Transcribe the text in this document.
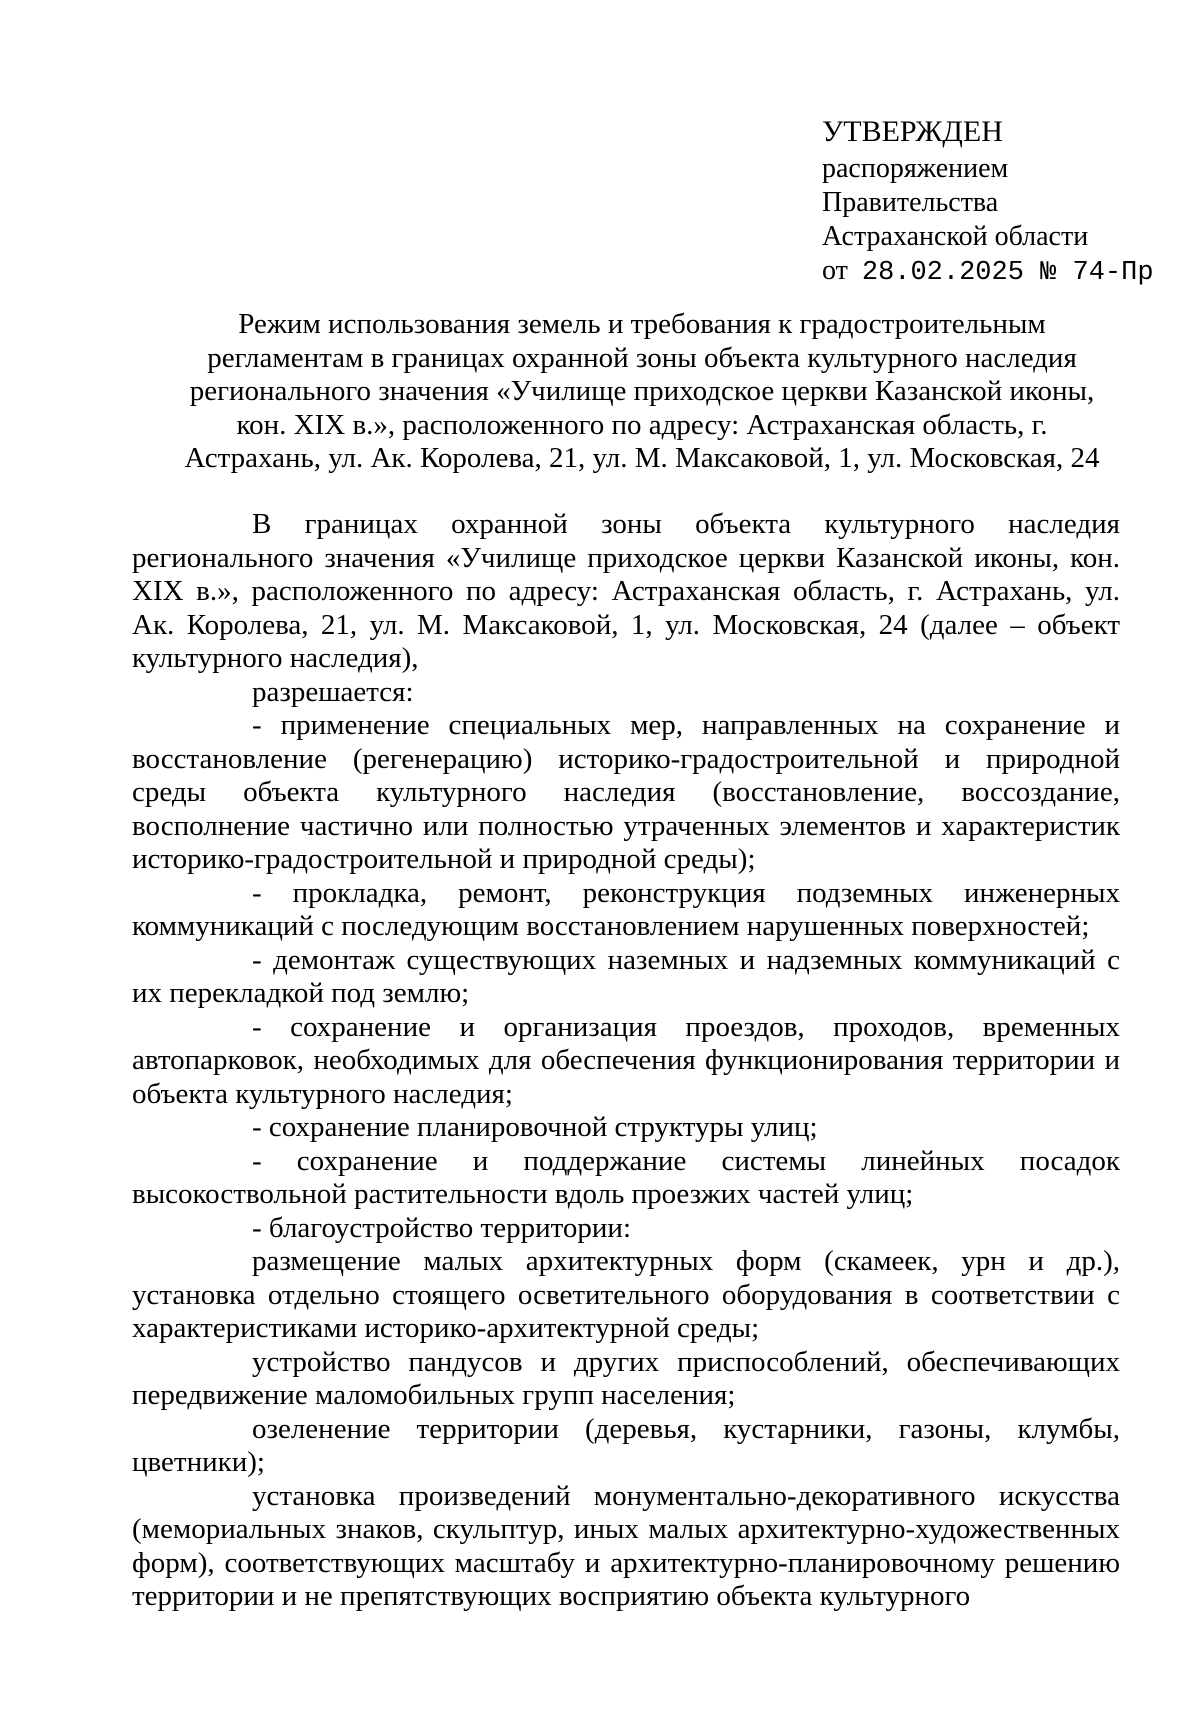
УТВЕРЖДЕН
распоряжением
Правительства
Астраханской области
от 28.02.2025 № 74-Пр
Режим использования земель и требования к градостроительным регламентам в границах охранной зоны объекта культурного наследия регионального значения «Училище приходское церкви Казанской иконы, кон. XIX в.», расположенного по адресу: Астраханская область, г. Астрахань, ул. Ак. Королева, 21, ул. М. Максаковой, 1, ул. Московская, 24

В границах охранной зоны объекта культурного наследия регионального значения «Училище приходское церкви Казанской иконы, кон. XIX в.», расположенного по адресу: Астраханская область, г. Астрахань, ул. Ак. Королева, 21, ул. М. Максаковой, 1, ул. Московская, 24 (далее – объект культурного наследия),

разрешается:

- применение специальных мер, направленных на сохранение и восстановление (регенерацию) историко-градостроительной и природной среды объекта культурного наследия (восстановление, воссоздание, восполнение частично или полностью утраченных элементов и характеристик историко-градостроительной и природной среды);

- прокладка, ремонт, реконструкция подземных инженерных коммуникаций с последующим восстановлением нарушенных поверхностей;

- демонтаж существующих наземных и надземных коммуникаций с их перекладкой под землю;

- сохранение и организация проездов, проходов, временных автопарковок, необходимых для обеспечения функционирования территории и объекта культурного наследия;

- сохранение планировочной структуры улиц;

- сохранение и поддержание системы линейных посадок высокоствольной растительности вдоль проезжих частей улиц;

- благоустройство территории:

размещение малых архитектурных форм (скамеек, урн и др.), установка отдельно стоящего осветительного оборудования в соответствии с характеристиками историко-архитектурной среды;

устройство пандусов и других приспособлений, обеспечивающих передвижение маломобильных групп населения;

озеленение территории (деревья, кустарники, газоны, клумбы, цветники);

установка произведений монументально-декоративного искусства (мемориальных знаков, скульптур, иных малых архитектурно-художественных форм), соответствующих масштабу и архитектурно-планировочному решению территории и не препятствующих восприятию объекта культурного
